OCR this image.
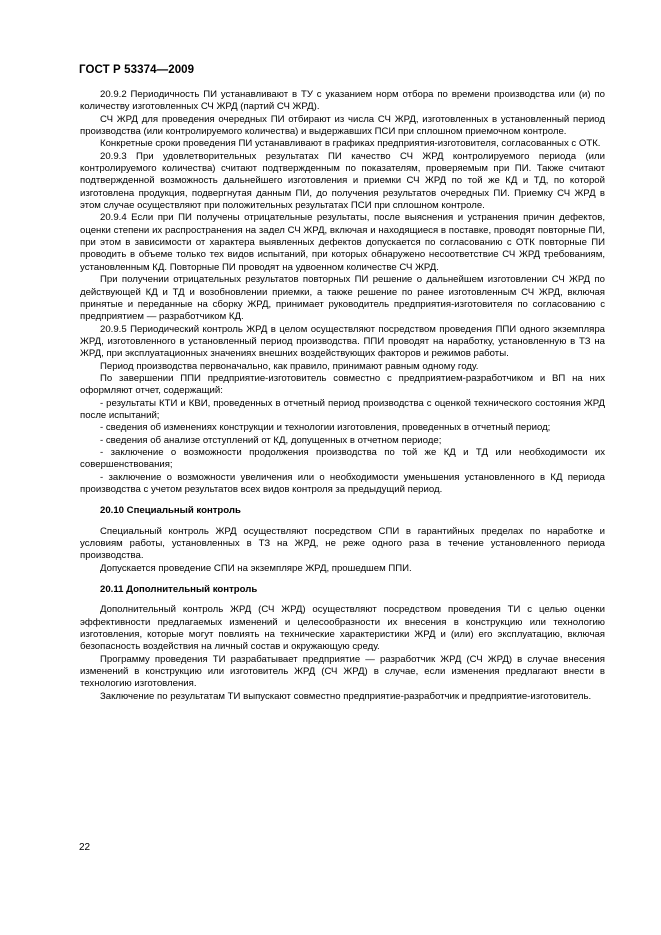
ГОСТ Р 53374—2009

20.9.2 Периодичность ПИ устанавливают в ТУ с указанием норм отбора по времени производства или (и) по количеству изготовленных СЧ ЖРД (партий СЧ ЖРД).

СЧ ЖРД для проведения очередных ПИ отбирают из числа СЧ ЖРД, изготовленных в установленный период производства (или контролируемого количества) и выдержавших ПСИ при сплошном приемочном контроле.

Конкретные сроки проведения ПИ устанавливают в графиках предприятия-изготовителя, согласованных с ОТК.

20.9.3 При удовлетворительных результатах ПИ качество СЧ ЖРД контролируемого периода (или контролируемого количества) считают подтвержденным по показателям, проверяемым при ПИ. Также считают подтвержденной возможность дальнейшего изготовления и приемки СЧ ЖРД по той же КД и ТД, по которой изготовлена продукция, подвергнутая данным ПИ, до получения результатов очередных ПИ. Приемку СЧ ЖРД в этом случае осуществляют при положительных результатах ПСИ при сплошном контроле.

20.9.4 Если при ПИ получены отрицательные результаты, после выяснения и устранения причин дефектов, оценки степени их распространения на задел СЧ ЖРД, включая и находящиеся в поставке, проводят повторные ПИ, при этом в зависимости от характера выявленных дефектов допускается по согласованию с ОТК повторные ПИ проводить в объеме только тех видов испытаний, при которых обнаружено несоответствие СЧ ЖРД требованиям, установленным КД. Повторные ПИ проводят на удвоенном количестве СЧ ЖРД.

При получении отрицательных результатов повторных ПИ решение о дальнейшем изготовлении СЧ ЖРД по действующей КД и ТД и возобновлении приемки, а также решение по ранее изготовленным СЧ ЖРД, включая принятые и переданные на сборку ЖРД, принимает руководитель предприятия-изготовителя по согласованию с предприятием — разработчиком КД.

20.9.5 Периодический контроль ЖРД в целом осуществляют посредством проведения ППИ одного экземпляра ЖРД, изготовленного в установленный период производства. ППИ проводят на наработку, установленную в ТЗ на ЖРД, при эксплуатационных значениях внешних воздействующих факторов и режимов работы.

Период производства первоначально, как правило, принимают равным одному году.

По завершении ППИ предприятие-изготовитель совместно с предприятием-разработчиком и ВП на них оформляют отчет, содержащий:

- результаты КТИ и КВИ, проведенных в отчетный период производства с оценкой технического состояния ЖРД после испытаний;

- сведения об изменениях конструкции и технологии изготовления, проведенных в отчетный период;

- сведения об анализе отступлений от КД, допущенных в отчетном периоде;

- заключение о возможности продолжения производства по той же КД и ТД или необходимости их совершенствования;

- заключение о возможности увеличения или о необходимости уменьшения установленного в КД периода производства с учетом результатов всех видов контроля за предыдущий период.

20.10 Специальный контроль

Специальный контроль ЖРД осуществляют посредством СПИ в гарантийных пределах по наработке и условиям работы, установленных в ТЗ на ЖРД, не реже одного раза в течение установленного периода производства.

Допускается проведение СПИ на экземпляре ЖРД, прошедшем ППИ.

20.11 Дополнительный контроль

Дополнительный контроль ЖРД (СЧ ЖРД) осуществляют посредством проведения ТИ с целью оценки эффективности предлагаемых изменений и целесообразности их внесения в конструкцию или технологию изготовления, которые могут повлиять на технические характеристики ЖРД и (или) его эксплуатацию, включая безопасность воздействия на личный состав и окружающую среду.

Программу проведения ТИ разрабатывает предприятие — разработчик ЖРД (СЧ ЖРД) в случае внесения изменений в конструкцию или изготовитель ЖРД (СЧ ЖРД) в случае, если изменения предлагают внести в технологию изготовления.

Заключение по результатам ТИ выпускают совместно предприятие-разработчик и предприятие-изготовитель.

22
